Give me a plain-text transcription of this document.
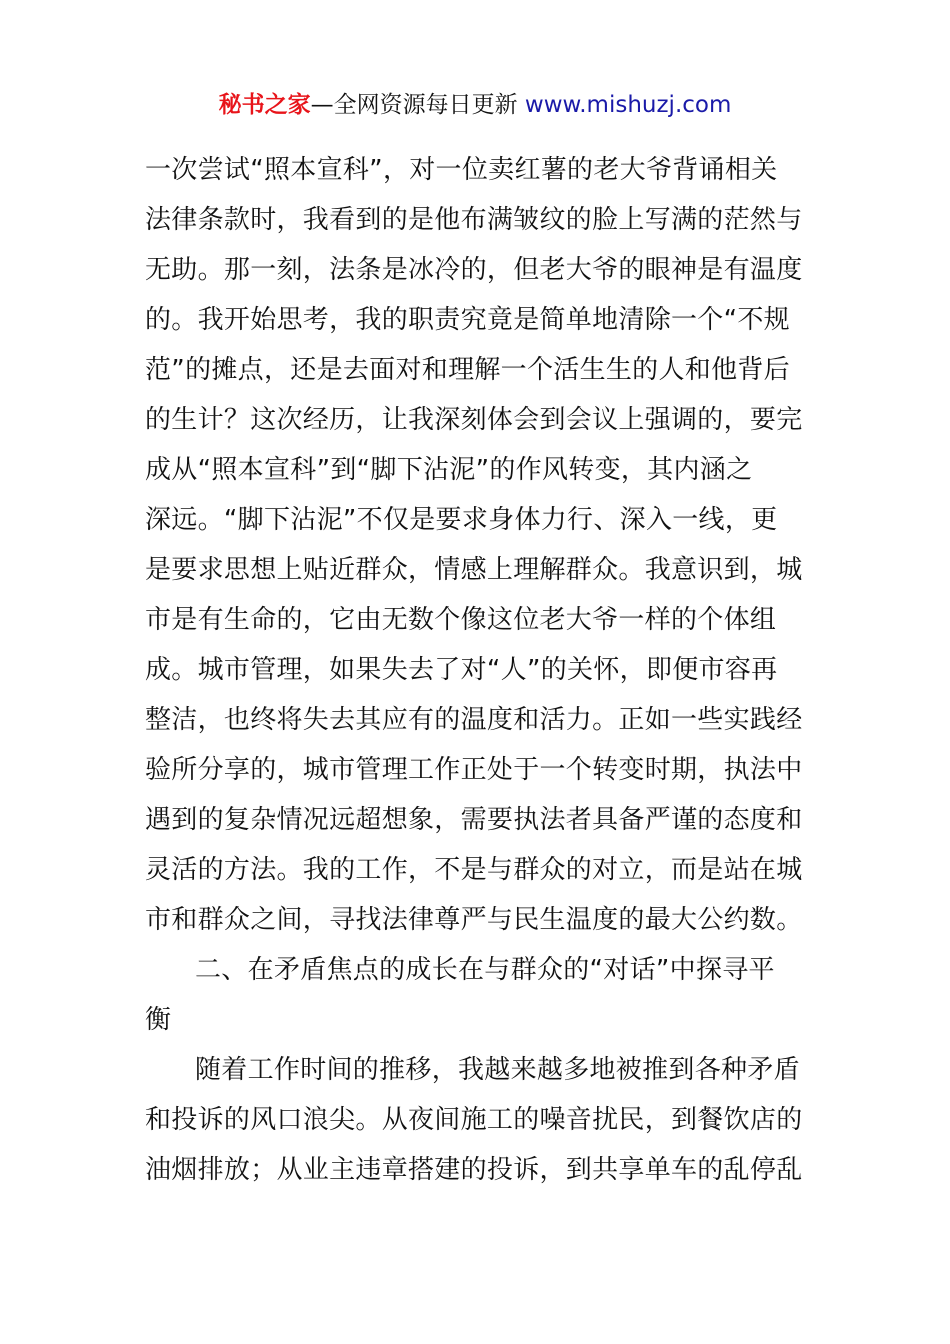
秘书之家—全网资源每日更新 www.mishuzj.com
一次尝试“照本宣科”，对一位卖红薯的老大爷背诵相关
法律条款时，我看到的是他布满皱纹的脸上写满的茫然与
无助。那一刻，法条是冰冷的，但老大爷的眼神是有温度
的。我开始思考，我的职责究竟是简单地清除一个“不规
范”的摊点，还是去面对和理解一个活生生的人和他背后
的生计？这次经历，让我深刻体会到会议上强调的，要完
成从“照本宣科”到“脚下沾泥”的作风转变，其内涵之
深远。“脚下沾泥”不仅是要求身体力行、深入一线，更
是要求思想上贴近群众，情感上理解群众。我意识到，城
市是有生命的，它由无数个像这位老大爷一样的个体组
成。城市管理，如果失去了对“人”的关怀，即便市容再
整洁，也终将失去其应有的温度和活力。正如一些实践经
验所分享的，城市管理工作正处于一个转变时期，执法中
遇到的复杂情况远超想象，需要执法者具备严谨的态度和
灵活的方法。我的工作，不是与群众的对立，而是站在城
市和群众之间，寻找法律尊严与民生温度的最大公约数。
二、在矛盾焦点的成长在与群众的“对话”中探寻平
衡
随着工作时间的推移，我越来越多地被推到各种矛盾
和投诉的风口浪尖。从夜间施工的噪音扰民，到餐饮店的
油烟排放；从业主违章搭建的投诉，到共享单车的乱停乱
